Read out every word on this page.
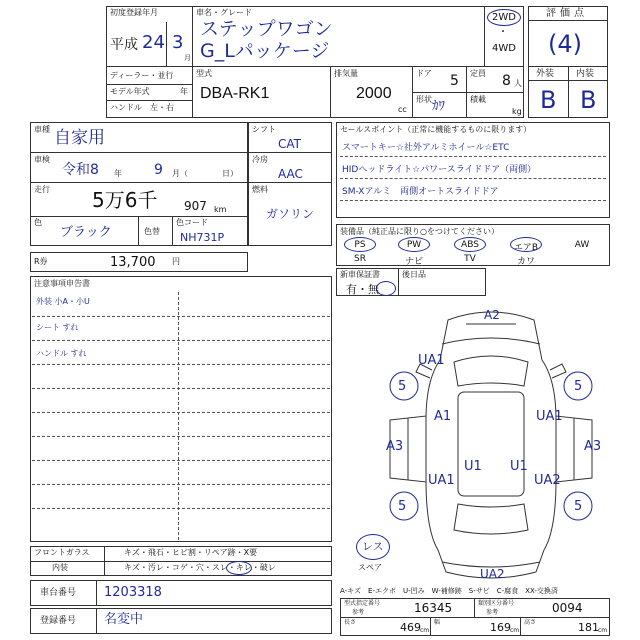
初度登録年月
平成 24 3
月
車名・グレード
ステップワゴン
G_Lパッケージ
2WD
・
4WD
ディーラー・並行
モデル年式	年
ハンドル　左・右
型式
DBA-RK1
排気量
2000
cc
ドア 5 定員 8 人
形状 ｶﾜ	積載
kg
評価点
(4)
外装 内装
B B
車種 自家用
車検
令和8 年 9 月（	日）
走行 5万6千 907 km
色
ブラック	色替
色コード
NH731P
R券	13,700 円
シフト
CAT
冷房
AAC
燃料
ガソリン
セールスポイント（正常に機能するものに限ります）
スマートキー☆社外アルミホイール☆ETC
HIDヘッドライト☆パワースライドドア（両側）
SM-Xアルミ　両側オートスライドドア
装備品（純正品に限り○をつけてください）
PS	PW	ABS	エアB	AW
SR	ナビ	TV	カワ
新車保証書	後日品
有・無
注意事項申告書
外装 小A・小U
シート すれ
ハンドル すれ
A2
UA1
5	5
A1	UA1
A3	A3
U1 U1
UA1	UA2
5	5
UA2
レス
スペア
A-キズ　E-エクボ　U-凹み　W-補修跡　S-サビ　C-腐食　XX-交換済
フロントガラス	キズ・飛石・ヒビ割・リペア跡・X要
内装	キズ・汚レ・コゲ・穴・スレ・キレ・破レ
車台番号 1203318
登録番号 名変中
型式指定番号
参考	16345	類別区分番号
参考	0094
長さ	469 cm
幅	169 cm
高さ	181 cm
